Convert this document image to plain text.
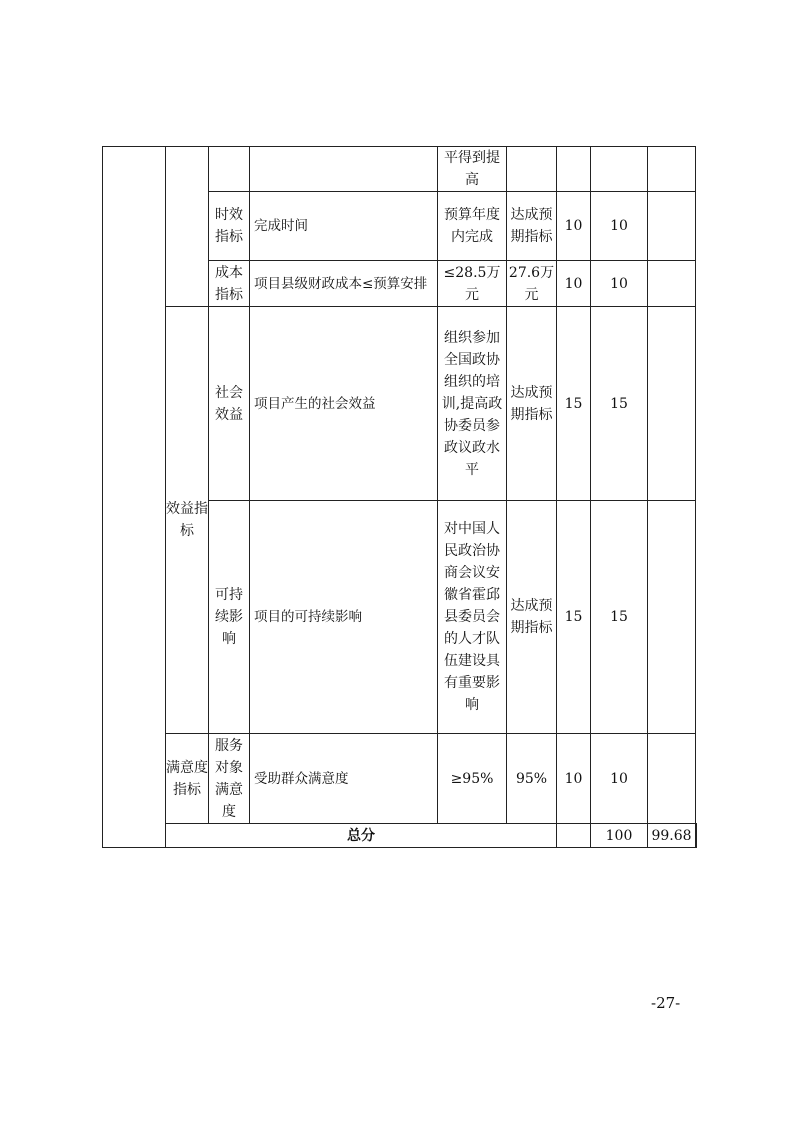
				平得到提高					
		时效指标	完成时间	预算年度内完成	达成预期指标	10	10		
		成本指标	项目县级财政成本≤预算安排	≤28.5万元	27.6万元	10	10		
	效益指标	社会效益	项目产生的社会效益	组织参加全国政协组织的培训,提高政协委员参政议政水平	达成预期指标	15	15		
		可持续影响	项目的可持续影响	对中国人民政治协商会议安徽省霍邱县委员会的人才队伍建设具有重要影响	达成预期指标	15	15		
	满意度指标	服务对象满意度	受助群众满意度	≥95%	95%	10	10		
	总分						100	99.68	
-27-
